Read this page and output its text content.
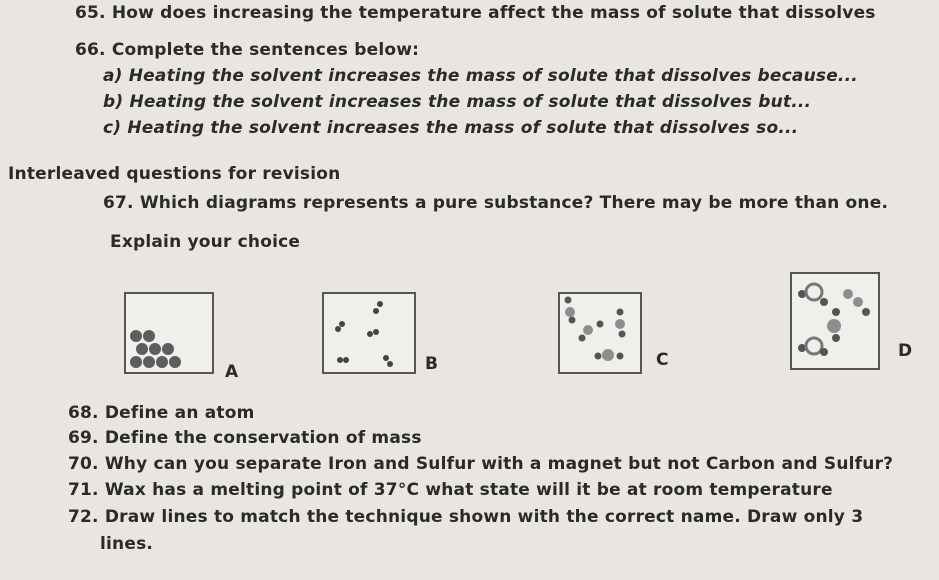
65. How does increasing the temperature affect the mass of solute that dissolves
66. Complete the sentences below:
a) Heating the solvent increases the mass of solute that dissolves because...
b) Heating the solvent increases the mass of solute that dissolves but...
c) Heating the solvent increases the mass of solute that dissolves so...
Interleaved questions for revision
67. Which diagrams represents a pure substance? There may be more than one.
Explain your choice
A	B	C	D
68. Define an atom
69. Define the conservation of mass
70. Why can you separate Iron and Sulfur with a magnet but not Carbon and Sulfur?
71. Wax has a melting point of 37°C what state will it be at room temperature
72. Draw lines to match the technique shown with the correct name. Draw only 3
lines.
